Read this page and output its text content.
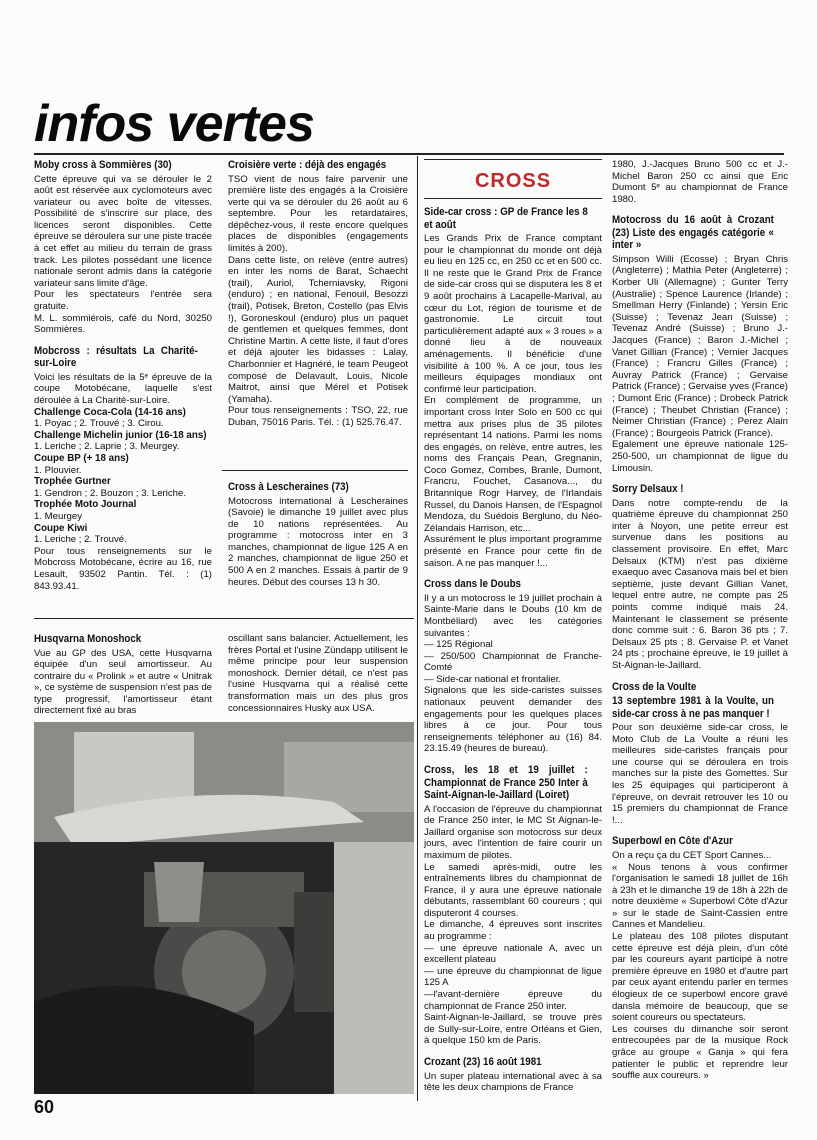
infos vertes
Moby cross à Sommières (30)

Cette épreuve qui va se dérouler le 2 août est réservée aux cyclomoteurs avec variateur ou avec boîte de vitesses. Possibilité de s'inscrire sur place, des licences seront disponibles. Cette épreuve se déroulera sur une piste tracée à cet effet au milieu du terrain de grass track. Les pilotes possédant une licence nationale seront admis dans la catégorie variateur sans limite d'âge.

Pour les spectateurs l'entrée sera gratuite.

M. L. sommiérois, café du Nord, 30250 Sommières.

Mobcross : résultats La Charité-sur-Loire

Voici les résultats de la 5ᵉ épreuve de la coupe Motobécane, laquelle s'est déroulée à La Charité-sur-Loire.

Challenge Coca-Cola (14-16 ans)

1. Poyac ; 2. Trouvé ; 3. Cirou.

Challenge Michelin junior (16-18 ans)

1. Leriche ; 2. Laprie ; 3. Meurgey.

Coupe BP (+ 18 ans)

1. Plouvier.

Trophée Gurtner

1. Gendron ; 2. Bouzon ; 3. Leriche.

Trophée Moto Journal

1. Meurgey

Coupe Kiwi

1. Leriche ; 2. Trouvé.

Pour tous renseignements sur le Mobcross Motobécane, écrire au 16, rue Lesault, 93502 Pantin. Tél. : (1) 843.93.41.

Husqvarna Monoshock

Vue au GP des USA, cette Husqvarna équipée d'un seul amortisseur. Au contraire du « Prolink » et autre « Unitrak », ce système de suspension n'est pas de type progressif, l'amortisseur étant directement fixé au bras

Croisière verte : déjà des engagés

TSO vient de nous faire parvenir une première liste des engagés à la Croisière verte qui va se dérouler du 26 août au 6 septembre. Pour les retardataires, dépêchez-vous, il reste encore quelques places de disponibles (engagements limités à 200).

Dans cette liste, on relève (entre autres) en inter les noms de Barat, Schaecht (trail), Auriol, Tcherniavsky, Rigoni (enduro) ; en national, Fenouil, Besozzi (trail), Potisek, Breton, Costello (pas Elvis !), Goroneskoul (enduro) plus un paquet de gentlemen et quelques femmes, dont Christine Martin. A cette liste, il faut d'ores et déjà ajouter les bidasses : Lalay, Charbonnier et Hagnéré, le team Peugeot composé de Delavault, Louis, Nicole Maitrot, ainsi que Mérel et Potisek (Yamaha).

Pour tous renseignements : TSO, 22, rue Duban, 75016 Paris. Tél. : (1) 525.76.47.

Cross à Lescheraines (73)

Motocross international à Lescheraines (Savoie) le dimanche 19 juillet avec plus de 10 nations représentées. Au programme : motocross inter en 3 manches, championnat de ligue 125 A en 2 manches, championnat de ligue 250 et 500 A en 2 manches. Essais à partir de 9 heures. Début des courses 13 h 30.

oscillant sans balancier. Actuellement, les frères Portal et l'usine Zündapp utilisent le même principe pour leur suspension monoshock. Dernier détail, ce n'est pas l'usine Husqvarna qui a réalisé cette transformation mais un des plus gros concessionnaires Husky aux USA.

CROSS
Side-car cross : GP de France les 8 et août

Les Grands Prix de France comptant pour le championnat du monde ont déjà eu lieu en 125 cc, en 250 cc et en 500 cc. Il ne reste que le Grand Prix de France de side-car cross qui se disputera les 8 et 9 août prochains à Lacapelle-Marival, au cœur du Lot, région de tourisme et de gastronomie. Le circuit tout particulièrement adapté aux « 3 roues » a donné lieu à de nouveaux aménagements. Il bénéficie d'une visibilité à 100 %. A ce jour, tous les meilleurs équipages mondiaux ont confirmé leur participation.

En complément de programme, un important cross Inter Solo en 500 cc qui mettra aux prises plus de 35 pilotes représentant 14 nations. Parmi les noms des engagés, on relève, entre autres, les noms des Français Pean, Gregnanin, Coco Gomez, Combes, Branle, Dumont, Francru, Fouchet, Casanova..., du Britannique Rogr Harvey, de l'Irlandais Russel, du Danois Hansen, de l'Espagnol Mendoza, du Suédois Bergluno, du Néo-Zélandais Harrison, etc...

Assurément le plus important programme présenté en France pour cette fin de saison. A ne pas manquer !...

Cross dans le Doubs

Il y a un motocross le 19 juillet prochain à Sainte-Marie dans le Doubs (10 km de Montbéliard) avec les catégories suivantes :

— 125 Régional

— 250/500 Championnat de Franche-Comté

— Side-car national et frontalier.

Signalons que les side-caristes suisses nationaux peuvent demander des engagements pour les quelques places libres à ce jour. Pour tous renseignements téléphoner au (16) 84. 23.15.49 (heures de bureau).

Cross, les 18 et 19 juillet : Championnat de France 250 Inter à Saint-Aignan-le-Jaillard (Loiret)

A l'occasion de l'épreuve du championnat de France 250 inter, le MC St Aignan-le-Jaillard organise son motocross sur deux jours, avec l'intention de faire courir un maximum de pilotes.

Le samedi après-midi, outre les entraînements libres du championnat de France, il y aura une épreuve nationale débutants, rassemblant 60 coureurs ; qui disputeront 4 courses.

Le dimanche, 4 épreuves sont inscrites au programme :

— une épreuve nationale A, avec un excellent plateau

— une épreuve du championnat de ligue 125 A

—l'avant-dernière épreuve du championnat de France 250 inter.

Saint-Aignan-le-Jaillard, se trouve près de Sully-sur-Loire, entre Orléans et Gien, à quelque 150 km de Paris.

Crozant (23) 16 août 1981

Un super plateau international avec à sa tête les deux champions de France

1980, J.-Jacques Bruno 500 cc et J.-Michel Baron 250 cc ainsi que Eric Dumont 5ᵉ au championnat de France 1980.

Motocross du 16 août à Crozant (23) Liste des engagés catégorie « inter »

Simpson Willi (Ecosse) ; Bryan Chris (Angleterre) ; Mathia Peter (Angleterre) ; Korber Uli (Allemagne) ; Gunter Terry (Australie) ; Spence Laurence (Irlande) ; Smellman Herry (Finlande) ; Yersin Eric (Suisse) ; Tevenaz Jean (Suisse) ; Tevenaz André (Suisse) ; Bruno J.-Jacques (France) ; Baron J.-Michel ; Vanet Gillian (France) ; Vernier Jacques (France) ; Francru Gilles (France) ; Auvray Patrick (France) ; Gervaise Patrick (France) ; Gervaise yves (France) ; Dumont Eric (France) ; Drobeck Patrick (France) ; Theubet Christian (France) ; Neimer Christian (France) ; Perez Alain (France) ; Bourgeois Patrick (France).

Egalement une épreuve nationale 125-250-500, un championnat de ligue du Limousin.

Sorry Delsaux !

Dans notre compte-rendu de la quatrième épreuve du championnat 250 inter à Noyon, une petite erreur est survenue dans les positions au classement provisoire. En effet, Marc Delsaux (KTM) n'est pas dixième exaequo avec Casanova mais bel et bien septième, juste devant Gillian Vanet, lequel entre autre, ne compte pas 25 points comme indiqué mais 24. Maintenant le classement se présente donc comme suit : 6. Baron 36 pts ; 7. Delsaux 25 pts ; 8. Gervaise P. et Vanet 24 pts ; prochaine épreuve, le 19 juillet à St-Aignan-le-Jaillard.

Cross de la Voulte
13 septembre 1981 à la Voulte, un side-car cross à ne pas manquer !

Pour son deuxième side-car cross, le Moto Club de La Voulte a réuni les meilleures side-caristes français pour une course qui se déroulera en trois manches sur la piste des Gomettes. Sur les 25 équipages qui participeront à l'épreuve, on devrait retrouver les 10 ou 15 premiers du championnat de France !...

Superbowl en Côte d'Azur

On a reçu ça du CET Sport Cannes...

« Nous tenons à vous confirmer l'organisation le samedi 18 juillet de 16h à 23h et le dimanche 19 de 18h à 22h de notre deuxième « Superbowl Côte d'Azur » sur le stade de Saint-Cassien entre Cannes et Mandelieu.

Le plateau des 108 pilotes disputant cette épreuve est déjà plein, d'un côté par les coureurs ayant participé à notre première épreuve en 1980 et d'autre part par ceux ayant entendu parler en termes élogieux de ce superbowl encore gravé dansla mémoire de beaucoup, que se soient coureurs ou spectateurs.

Les courses du dimanche soir seront entrecoupées par de la musique Rock grâce au groupe « Ganja » qui fera patienter le public et reprendre leur souffle aux coureurs. »

60
